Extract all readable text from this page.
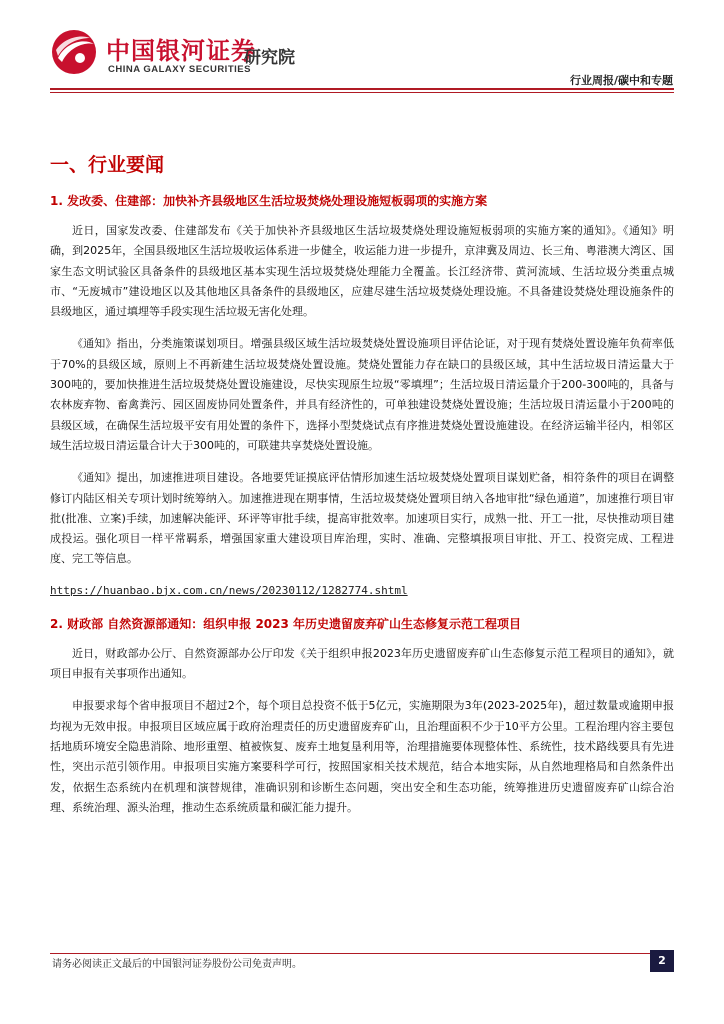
中国银河证券
CHINA GALAXY SECURITIES
研究院
行业周报/碳中和专题
一、行业要闻
1. 发改委、住建部：加快补齐县级地区生活垃圾焚烧处理设施短板弱项的实施方案

近日，国家发改委、住建部发布《关于加快补齐县级地区生活垃圾焚烧处理设施短板弱项的实施方案的通知》。《通知》明确，到2025年，全国县级地区生活垃圾收运体系进一步健全，收运能力进一步提升，京津冀及周边、长三角、粤港澳大湾区、国家生态文明试验区具备条件的县级地区基本实现生活垃圾焚烧处理能力全覆盖。长江经济带、黄河流域、生活垃圾分类重点城市、“无废城市”建设地区以及其他地区具备条件的县级地区，应建尽建生活垃圾焚烧处理设施。不具备建设焚烧处理设施条件的县级地区，通过填埋等手段实现生活垃圾无害化处理。

《通知》指出，分类施策谋划项目。增强县级区域生活垃圾焚烧处置设施项目评估论证，对于现有焚烧处置设施年负荷率低于70%的县级区域，原则上不再新建生活垃圾焚烧处置设施。焚烧处置能力存在缺口的县级区域，其中生活垃圾日清运量大于300吨的，要加快推进生活垃圾焚烧处置设施建设，尽快实现原生垃圾“零填埋”；生活垃圾日清运量介于200-300吨的，具备与农林废弃物、畜禽粪污、园区固废协同处置条件，并具有经济性的，可单独建设焚烧处置设施；生活垃圾日清运量小于200吨的县级区域，在确保生活垃圾平安有用处置的条件下，选择小型焚烧试点有序推进焚烧处置设施建设。在经济运输半径内，相邻区域生活垃圾日清运量合计大于300吨的，可联建共享焚烧处置设施。

《通知》提出，加速推进项目建设。各地要凭证摸底评估情形加速生活垃圾焚烧处置项目谋划贮备，相符条件的项目在调整修订内陆区相关专项计划时统筹纳入。加速推进现在期事情，生活垃圾焚烧处置项目纳入各地审批“绿色通道”，加速推行项目审批(批准、立案)手续，加速解决能评、环评等审批手续，提高审批效率。加速项目实行，成熟一批、开工一批，尽快推动项目建成投运。强化项目一样平常羁系，增强国家重大建设项目库治理，实时、准确、完整填报项目审批、开工、投资完成、工程进度、完工等信息。

https://huanbao.bjx.com.cn/news/20230112/1282774.shtml
2. 财政部 自然资源部通知：组织申报 2023 年历史遗留废弃矿山生态修复示范工程项目

近日，财政部办公厅、自然资源部办公厅印发《关于组织申报2023年历史遗留废弃矿山生态修复示范工程项目的通知》，就项目申报有关事项作出通知。

申报要求每个省申报项目不超过2个，每个项目总投资不低于5亿元，实施期限为3年(2023-2025年)，超过数量或逾期申报均视为无效申报。申报项目区域应属于政府治理责任的历史遗留废弃矿山，且治理面积不少于10平方公里。工程治理内容主要包括地质环境安全隐患消除、地形重塑、植被恢复、废弃土地复垦利用等，治理措施要体现整体性、系统性，技术路线要具有先进性，突出示范引领作用。申报项目实施方案要科学可行，按照国家相关技术规范，结合本地实际，从自然地理格局和自然条件出发，依据生态系统内在机理和演替规律，准确识别和诊断生态问题，突出安全和生态功能，统筹推进历史遗留废弃矿山综合治理、系统治理、源头治理，推动生态系统质量和碳汇能力提升。

请务必阅读正文最后的中国银河证券股份公司免责声明。	2
